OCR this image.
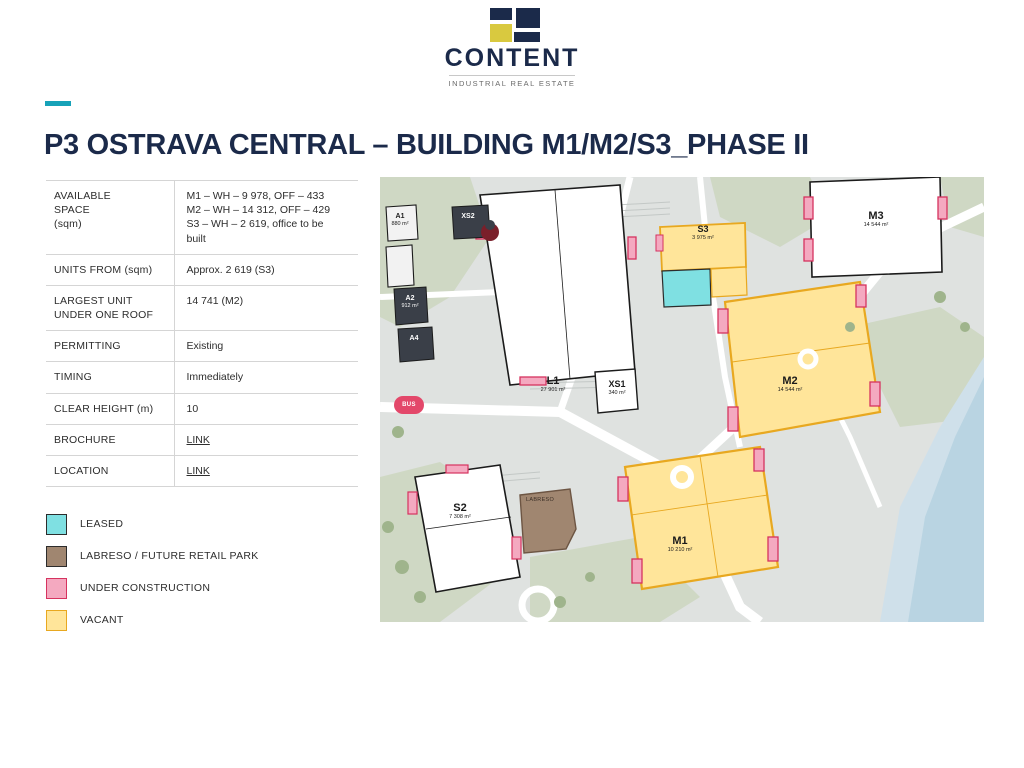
CONTENT
INDUSTRIAL REAL ESTATE
P3 OSTRAVA CENTRAL – BUILDING M1/M2/S3_PHASE II
AVAILABLE
SPACE
(sqm)	M1 – WH – 9 978, OFF – 433
M2 – WH – 14 312, OFF – 429
S3 – WH – 2 619, office to be
built
UNITS FROM (sqm)	Approx. 2 619 (S3)
LARGEST UNIT
UNDER ONE ROOF	14 741 (M2)
PERMITTING	Existing
TIMING	Immediately
CLEAR HEIGHT (m)	10
BROCHURE	LINK
LOCATION	LINK
LEASED
LABRESO / FUTURE RETAIL PARK
UNDER CONSTRUCTION
VACANT
L1
27 901 m²
M3
14 544 m²
S3
3 975 m²
M2
14 544 m²
XS1
340 m²
M1
10 210 m²
S2
7 308 m²
A1
880 m²
A2
912 m²
A4
XS2
BUS
LABRESO
